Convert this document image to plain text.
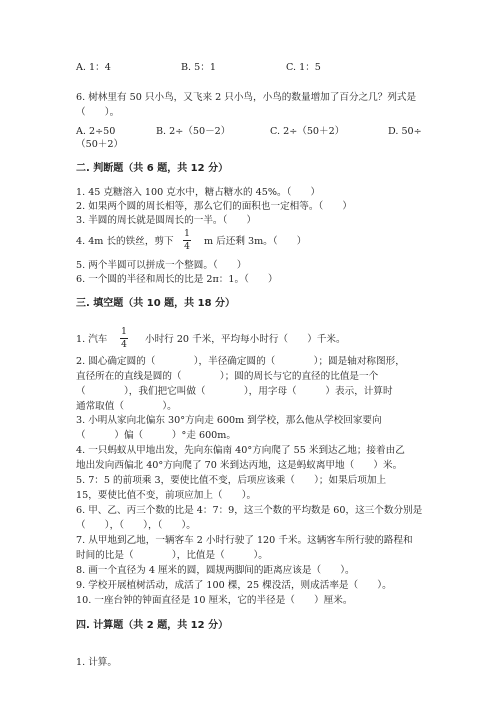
A. 1：4	B. 5：1	C. 1：5
6. 树林里有 50 只小鸟，又飞来 2 只小鸟，小鸟的数量增加了百分之几？列式是
（　　）。
A. 2÷50	B. 2÷（50－2）	C. 2÷（50＋2）	D. 50÷
（50＋2）
二. 判断题（共 6 题，共 12 分）
1. 45 克糖溶入 100 克水中，糖占糖水的 45%。（　　）
2. 如果两个圆的周长相等，那么它们的面积也一定相等。（　　）
3. 半圆的周长就是圆周长的一半。（　　）
4. 4m 长的铁丝，剪下
1
4 m 后还剩 3m。（　　）
5. 两个半圆可以拼成一个整圆。（　　）
6. 一个圆的半径和周长的比是 2π：1。（　　）
三. 填空题（共 10 题，共 18 分）
1. 汽车
1
4 小时行 20 千米，平均每小时行（　　）千米。
2. 圆心确定圆的（　　　　），半径确定圆的（　　　　）；圆是轴对称图形，
直径所在的直线是圆的（　　　　）；圆的周长与它的直径的比值是一个
（　　　　），我们把它叫做（　　　　），用字母（　　　）表示，计算时
通常取值（　　　　）。
3. 小明从家向北偏东 30°方向走 600m 到学校，那么他从学校回家要向
（　　　）偏（　　　）°走 600m。
4. 一只蚂蚁从甲地出发，先向东偏南 40°方向爬了 55 米到达乙地；接着由乙
地出发向西偏北 40°方向爬了 70 米到达丙地，这是蚂蚁离甲地（　　）米。
5. 7：5 的前项乘 3，要使比值不变，后项应该乘（　　）；如果后项加上
15，要使比值不变，前项应加上（　　）。
6. 甲、乙、丙三个数的比是 4：7：9，这三个数的平均数是 60，这三个数分别是
（　　），（　　），（　　）。
7. 从甲地到乙地，一辆客车 2 小时行驶了 120 千米。这辆客车所行驶的路程和
时间的比是（　　　　），比值是（　　　）。
8. 画一个直径为 4 厘米的圆，圆规两脚间的距离应该是（　　）。
9. 学校开展植树活动，成活了 100 棵，25 棵没活，则成活率是（　　）。
10. 一座台钟的钟面直径是 10 厘米，它的半径是（　　）厘米。
四. 计算题（共 2 题，共 12 分）
1. 计算。
